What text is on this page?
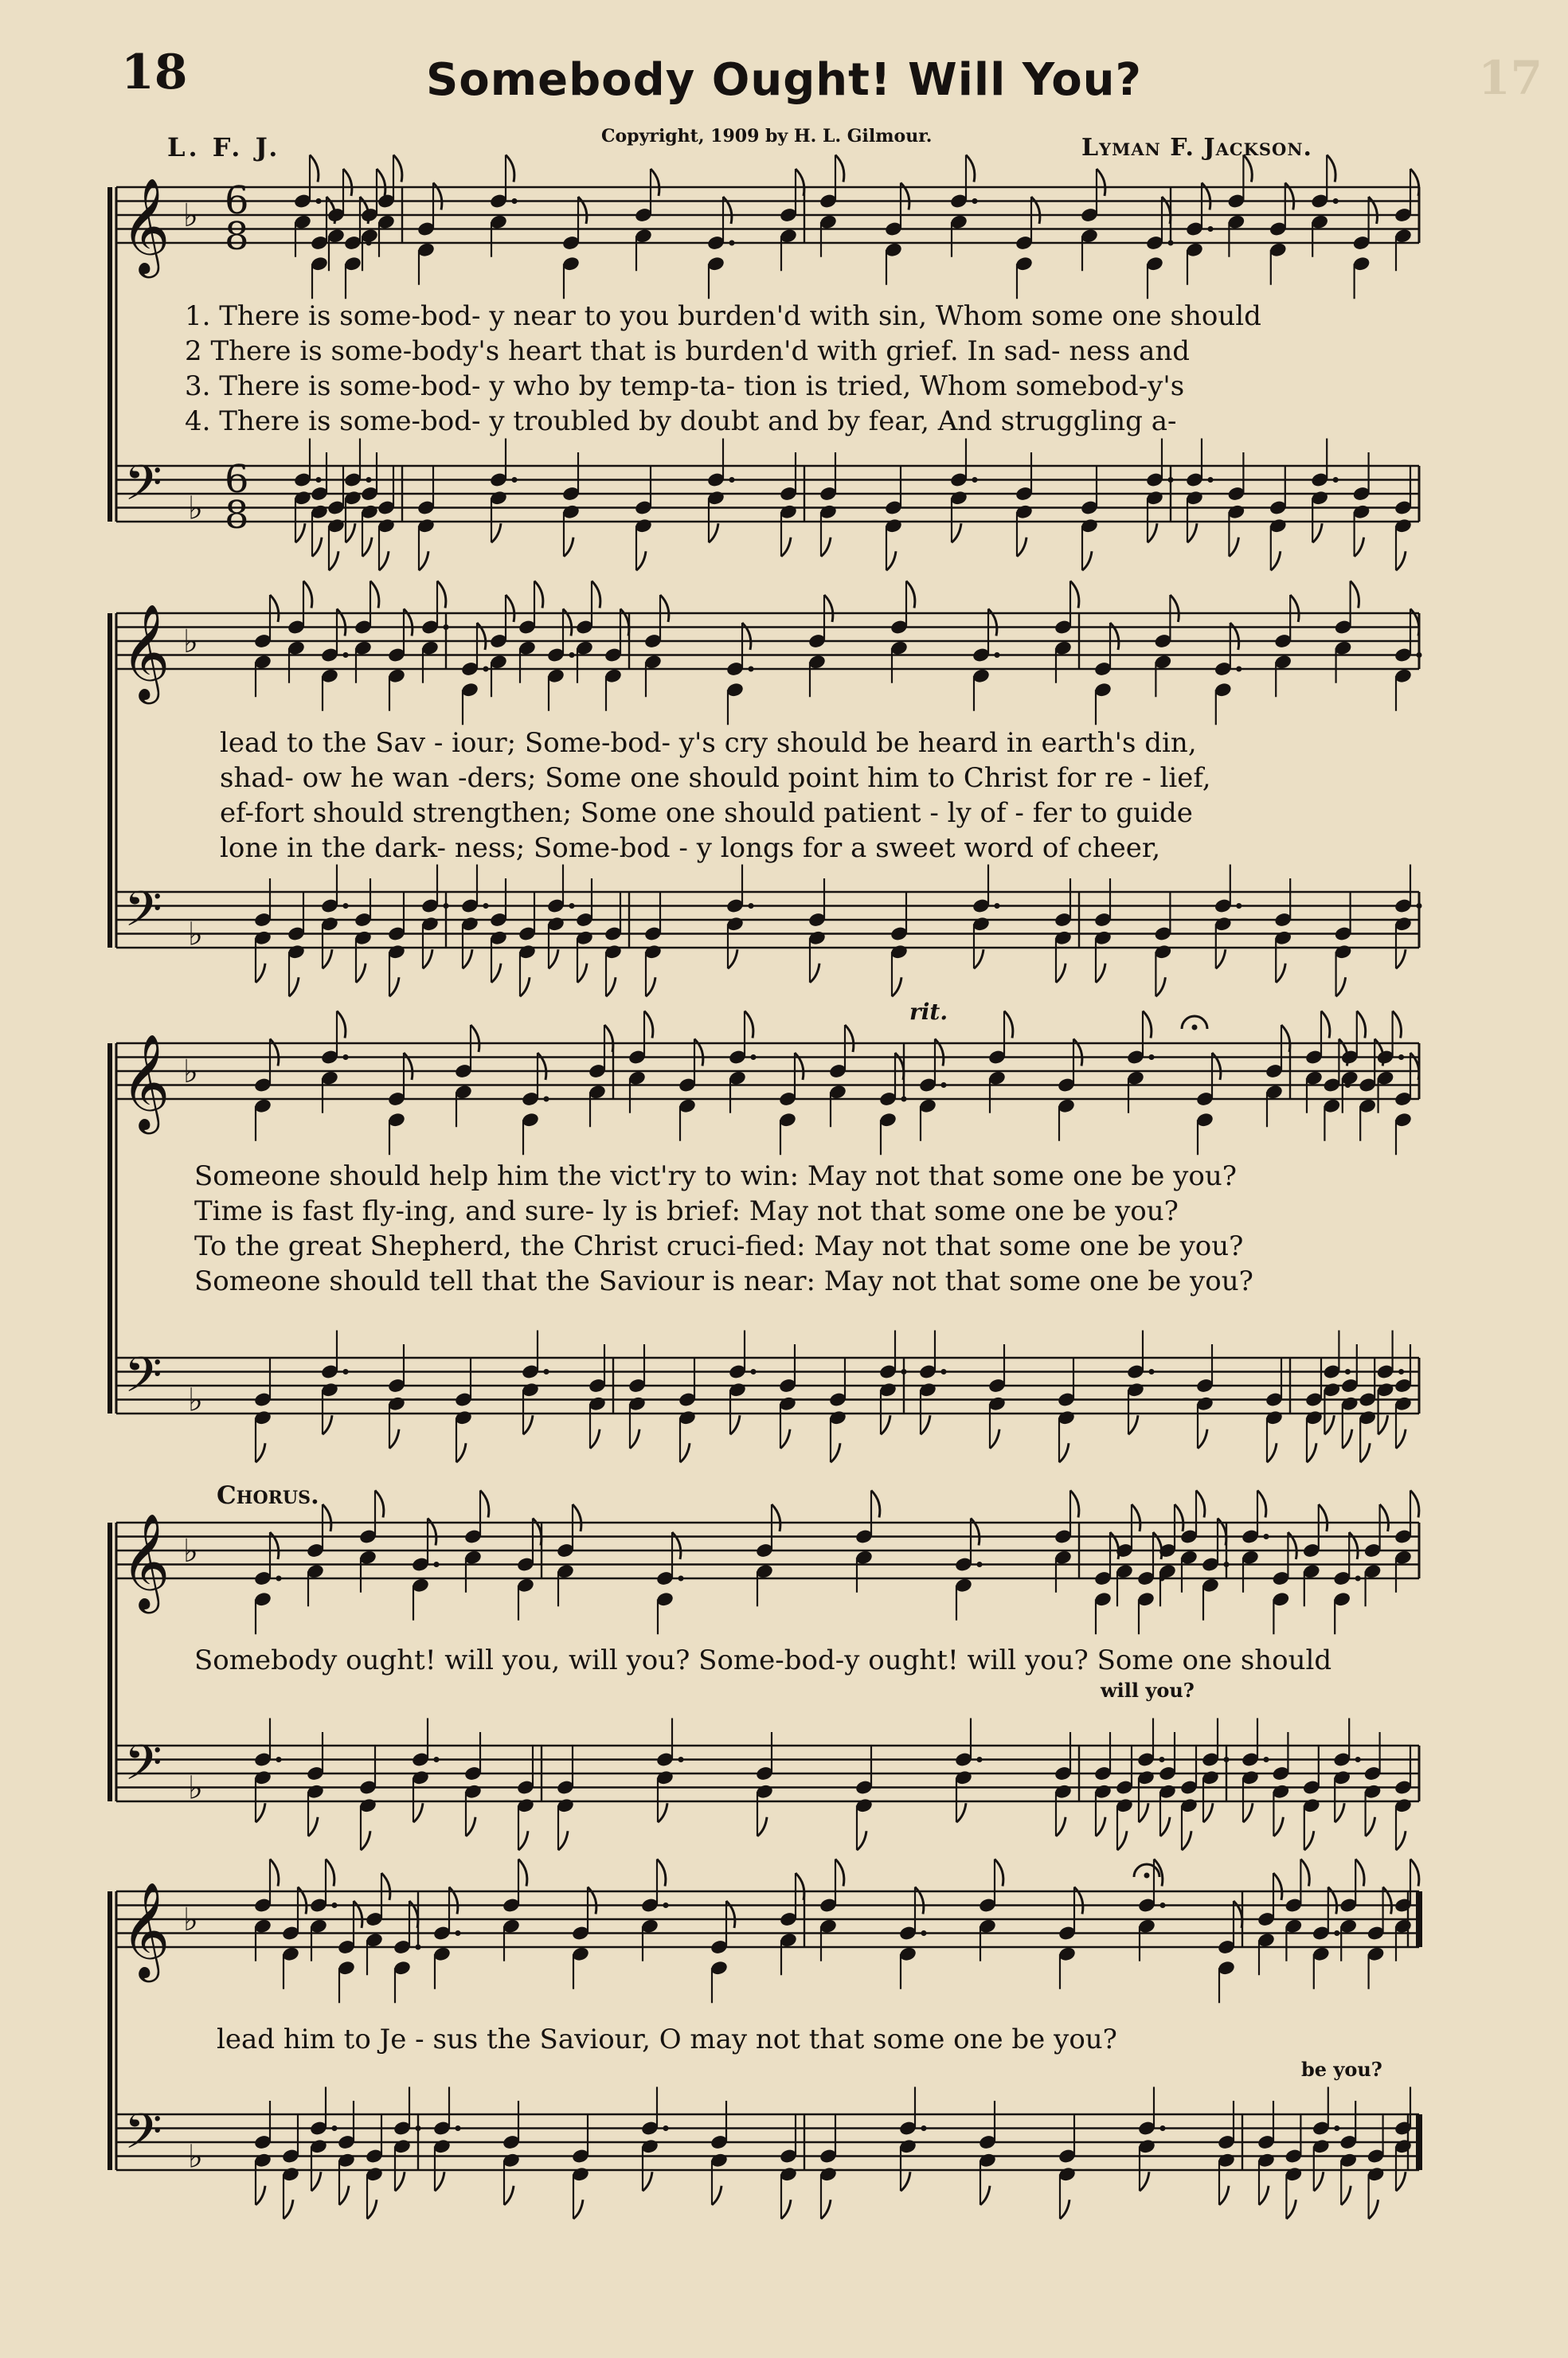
18	Somebody Ought! Will You?	17
L. F. J.	Copyright, 1909 by H. L. Gilmour.	Lyman F. Jackson.
𝄞
𝄢
♭
♭
6
8
6
8
𝄞
𝄢
♭
♭
𝄞
𝄢
♭
♭
𝄞
𝄢
♭
♭
𝄞
𝄢
♭
♭
1. There is some-bod- y near to you burden'd with sin, Whom some one should
2 There is some-body's heart that is burden'd with grief. In sad- ness and
3. There is some-bod- y who by temp-ta- tion is tried, Whom somebod-y's
4. There is some-bod- y troubled by doubt and by fear, And struggling a-
lead to the Sav - iour; Some-bod- y's cry should be heard in earth's din,
shad- ow he wan -ders; Some one should point him to Christ for re - lief,
ef-fort should strengthen; Some one should patient - ly of - fer to guide
lone in the dark- ness; Some-bod - y longs for a sweet word of cheer,
rit.
Someone should help him the vict'ry to win: May not that some one be you?
Time is fast fly-ing, and sure- ly is brief: May not that some one be you?
To the great Shepherd, the Christ cruci-fied: May not that some one be you?
Someone should tell that the Saviour is near: May not that some one be you?
Chorus.
Somebody ought! will you, will you? Some-bod-y ought! will you? Some one should
will you?
lead him to Je - sus the Saviour, O may not that some one be you?
be you?
